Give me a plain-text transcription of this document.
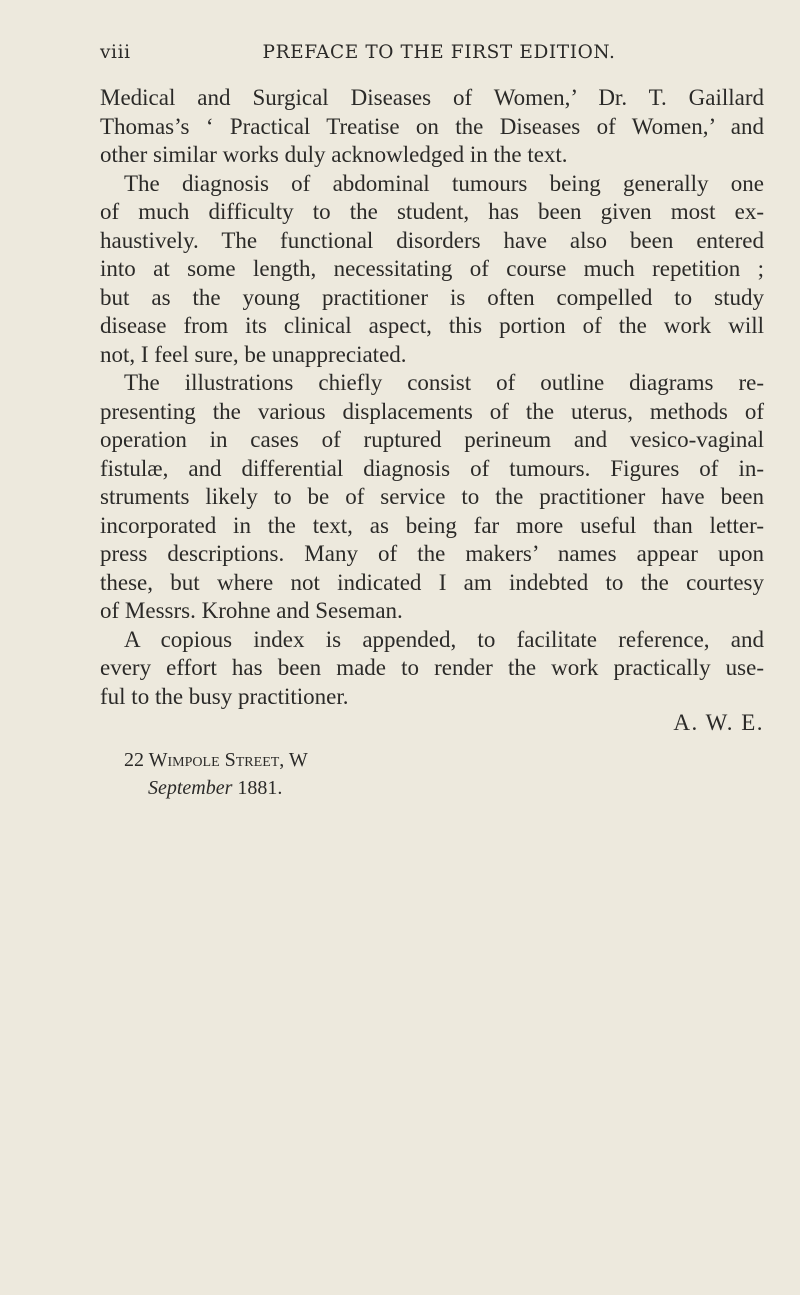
viii	PREFACE TO THE FIRST EDITION.
Medical and Surgical Diseases of Women,’ Dr. T. Gaillard
Thomas’s ‘ Practical Treatise on the Diseases of Women,’ and
other similar works duly acknowledged in the text.
The diagnosis of abdominal tumours being generally one
of much difficulty to the student, has been given most ex-
haustively. The functional disorders have also been entered
into at some length, necessitating of course much repetition ;
but as the young practitioner is often compelled to study
disease from its clinical aspect, this portion of the work will
not, I feel sure, be unappreciated.
The illustrations chiefly consist of outline diagrams re-
presenting the various displacements of the uterus, methods of
operation in cases of ruptured perineum and vesico-vaginal
fistulæ, and differential diagnosis of tumours. Figures of in-
struments likely to be of service to the practitioner have been
incorporated in the text, as being far more useful than letter-
press descriptions. Many of the makers’ names appear upon
these, but where not indicated I am indebted to the courtesy
of Messrs. Krohne and Seseman.
A copious index is appended, to facilitate reference, and
every effort has been made to render the work practically use-
ful to the busy practitioner.
A. W. E.
22 Wimpole Street, W
September 1881.
